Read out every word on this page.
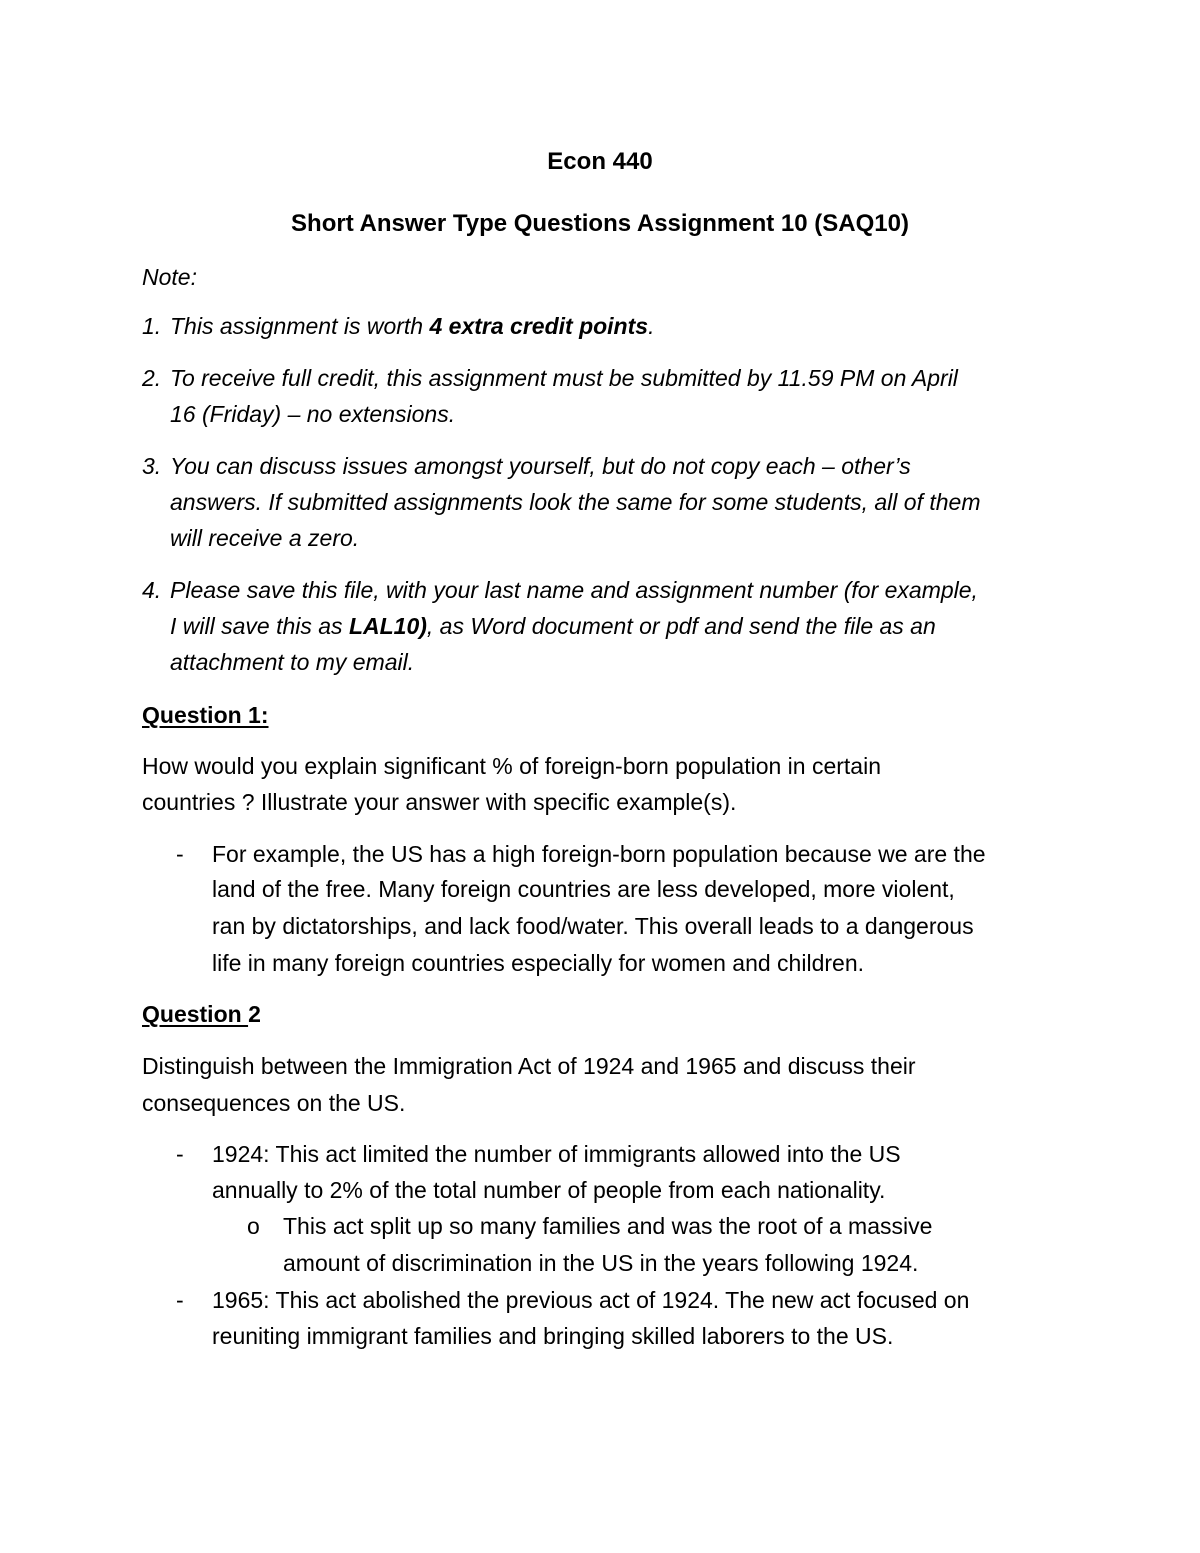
Econ 440
Short Answer Type Questions Assignment 10 (SAQ10)
Note:
1. This assignment is worth 4 extra credit points.
2. To receive full credit, this assignment must be submitted by 11.59 PM on April
16 (Friday) – no extensions.
3. You can discuss issues amongst yourself, but do not copy each – other’s
answers. If submitted assignments look the same for some students, all of them
will receive a zero.
4. Please save this file, with your last name and assignment number (for example,
I will save this as LAL10), as Word document or pdf and send the file as an
attachment to my email.
Question 1:
How would you explain significant % of foreign-born population in certain
countries ? Illustrate your answer with specific example(s).
- For example, the US has a high foreign-born population because we are the
land of the free. Many foreign countries are less developed, more violent,
ran by dictatorships, and lack food/water. This overall leads to a dangerous
life in many foreign countries especially for women and children.
Question 2
Distinguish between the Immigration Act of 1924 and 1965 and discuss their
consequences on the US.
- 1924: This act limited the number of immigrants allowed into the US
annually to 2% of the total number of people from each nationality.
o This act split up so many families and was the root of a massive
amount of discrimination in the US in the years following 1924.
- 1965: This act abolished the previous act of 1924. The new act focused on
reuniting immigrant families and bringing skilled laborers to the US.
